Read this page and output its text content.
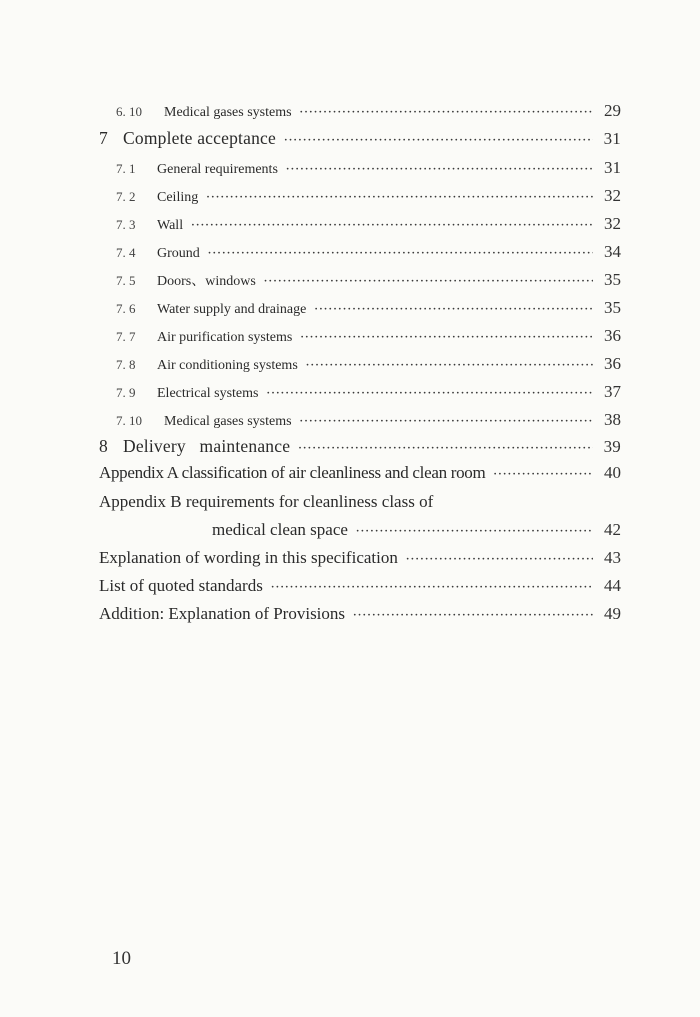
6. 10	Medical gases systems •••••	29
7 Complete acceptance •••••	31
7. 1	General requirements •••••	31
7. 2	Ceiling •••••	32
7. 3	Wall •••••	32
7. 4	Ground •••••	34
7. 5	Doors、windows •••••	35
7. 6	Water supply and drainage •••••	35
7. 7	Air purification systems •••••	36
7. 8	Air conditioning systems •••••	36
7. 9	Electrical systems •••••	37
7. 10	Medical gases systems •••••	38
8 Delivery   maintenance •••••	39
Appendix A classification of air cleanliness and clean room •••••	40
Appendix B requirements for cleanliness class of
medical clean space •••••	42
Explanation of wording in this specification •••••	43
List of quoted standards •••••	44
Addition: Explanation of Provisions •••••	49
10
